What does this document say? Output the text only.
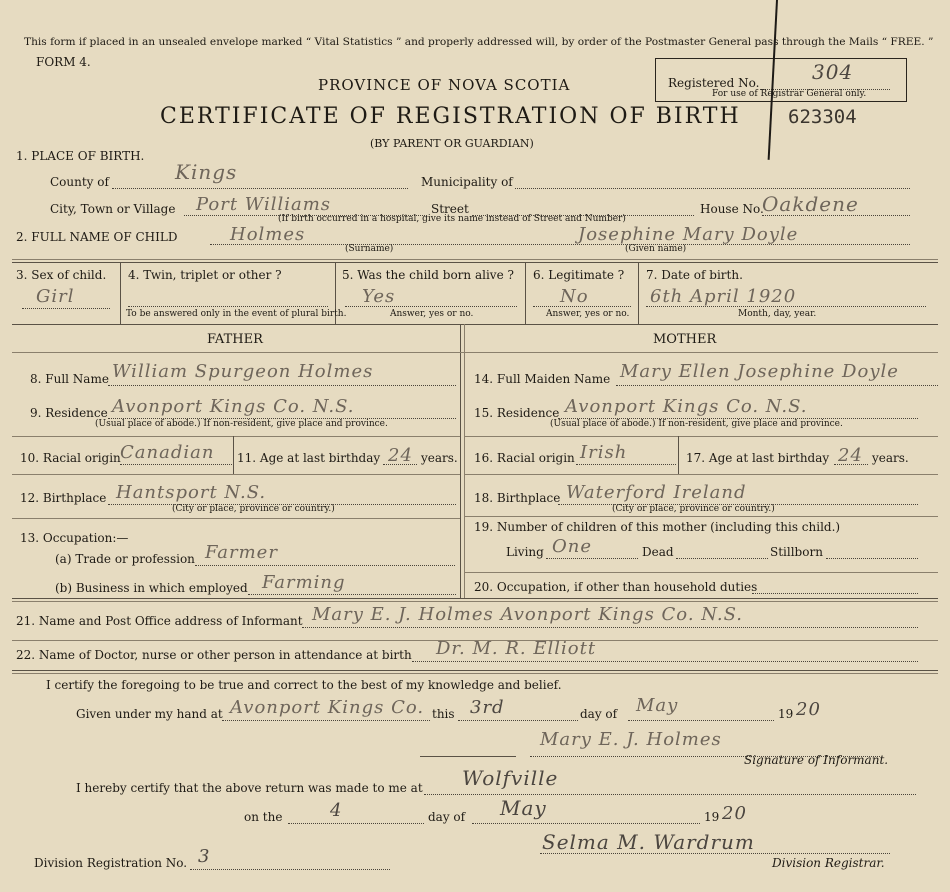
This form if placed in an unsealed envelope marked “ Vital Statistics ” and properly addressed will, by order of the Postmaster General pass through the Mails “ FREE. ”
FORM 4.
PROVINCE OF NOVA SCOTIA
CERTIFICATE OF REGISTRATION OF BIRTH
(BY PARENT OR GUARDIAN)
Registered No.	304
For use of Registrar General only.
623304
1. PLACE OF BIRTH.
County of	Kings	Municipality of
City, Town or Village Port Williams	Street
(If birth occurred in a hospital, give its name instead of Street and Number)
House No.
Oakdene
2. FULL NAME OF CHILD	Holmes
(Surname)
Josephine Mary Doyle
(Given name)
3. Sex of child.
Girl
4. Twin, triplet or other ?
To be answered only in the event of plural birth.
5. Was the child born alive ?
Yes
Answer, yes or no.
6. Legitimate ?
No
Answer, yes or no.
7. Date of birth.
6th April 1920
Month, day, year.
FATHER	MOTHER
8. Full Name William Spurgeon Holmes
9. Residence Avonport Kings Co. N.S.
(Usual place of abode.) If non-resident, give place and province.
10. Racial origin Canadian 11. Age at last birthday 24 years.
12. Birthplace Hantsport N.S.
(City or place, province or country.)
13. Occupation:—
(a) Trade or profession Farmer
(b) Business in which employed Farming
14. Full Maiden Name Mary Ellen Josephine Doyle
15. Residence Avonport Kings Co. N.S.
(Usual place of abode.) If non-resident, give place and province.
16. Racial origin Irish	17. Age at last birthday 24 years.
18. Birthplace Waterford Ireland
(City or place, province or country.)
19. Number of children of this mother (including this child.)
Living One	Dead	Stillborn
20. Occupation, if other than household duties
21. Name and Post Office address of Informant Mary E. J. Holmes Avonport Kings Co. N.S.
22. Name of Doctor, nurse or other person in attendance at birth Dr. M. R. Elliott
I certify the foregoing to be true and correct to the best of my knowledge and belief.
Given under my hand at Avonport Kings Co. this 3rd	day of May	19 20
Mary E. J. Holmes
Signature of Informant.
I hereby certify that the above return was made to me at Wolfville
on the	4	day of May	19 20
Division Registration No. 3
Selma M. Wardrum
Division Registrar.
